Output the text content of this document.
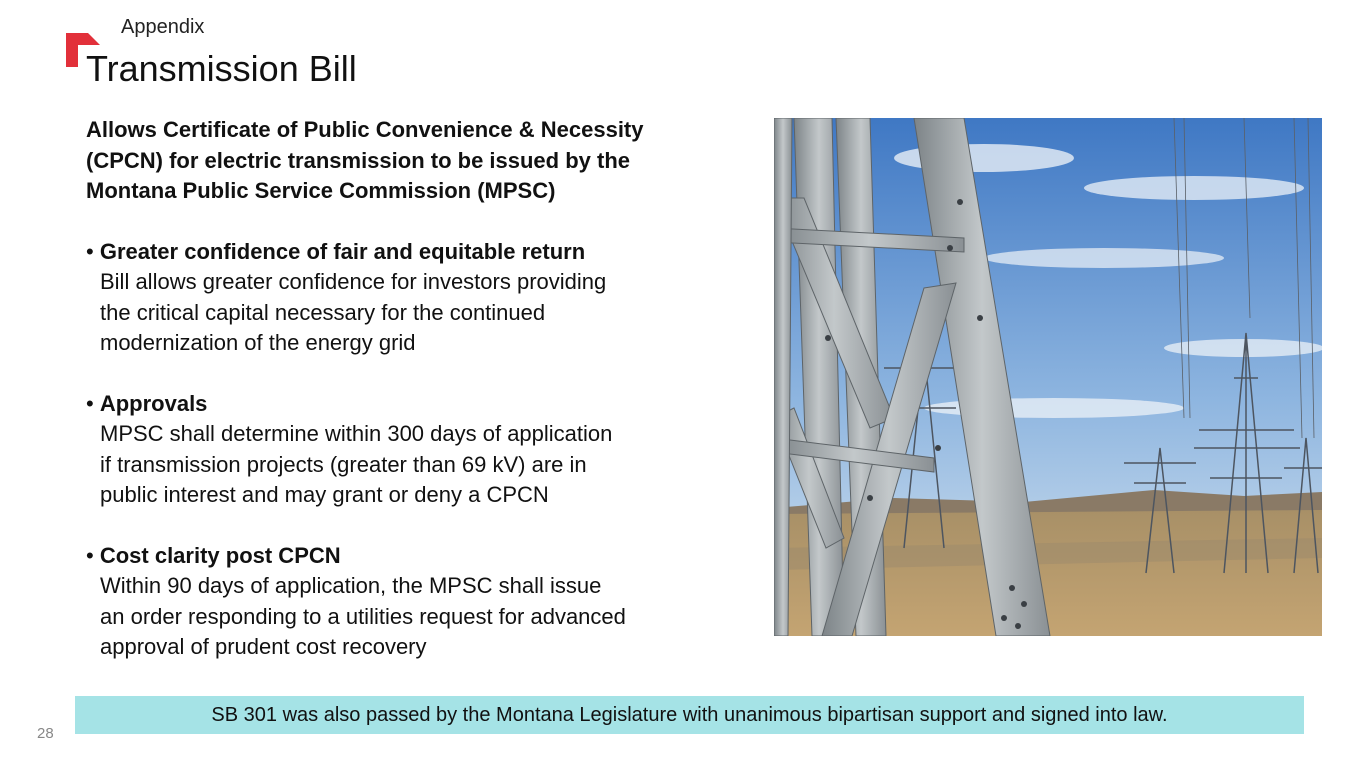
Appendix
Transmission Bill
Allows Certificate of Public Convenience & Necessity
(CPCN) for electric transmission to be issued by the
Montana Public Service Commission (MPSC)
• Greater confidence of fair and equitable return
Bill allows greater confidence for investors providing
the critical capital necessary for the continued
modernization of the energy grid
• Approvals
MPSC shall determine within 300 days of application
if transmission projects (greater than 69 kV) are in
public interest and may grant or deny a CPCN
• Cost clarity post CPCN
Within 90 days of application, the MPSC shall issue
an order responding to a utilities request for advanced
approval of prudent cost recovery
SB 301 was also passed by the Montana Legislature with unanimous bipartisan support and signed into law.
28
